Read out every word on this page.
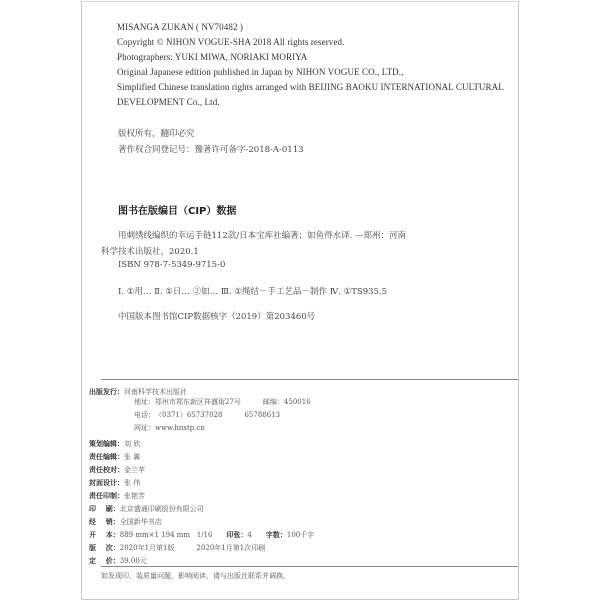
MISANGA ZUKAN ( NV70482 )
Copyright © NIHON VOGUE-SHA 2018 All rights reserved.
Photographers: YUKI MIWA, NORIAKI MORIYA
Original Japanese edition published in Japan by NIHON VOGUE CO., LTD.,
Simplified Chinese translation rights arranged with BEIJING BAOKU INTERNATIONAL CULTURAL
DEVELOPMENT Co., Ltd.
版权所有，翻印必究
著作权合同登记号：豫著许可备字-2018-A-0113
图书在版编目（CIP）数据
用刺绣线编织的幸运手链112款/日本宝库社编著；如鱼得水译. —郑州：河南
科学技术出版社，2020.1
ISBN 978-7-5349-9715-0
Ⅰ. ①用… Ⅱ. ①日… ②如… Ⅲ. ①绳结－手工艺品－制作 Ⅳ. ①TS935.5
中国版本图书馆CIP数据核字（2019）第203460号
出版发行：河南科学技术出版社
地址：郑州市郑东新区祥盛街27号	邮编：450016
电话：（0371）65737028	65788613
网址：www.hnstp.cn
策划编辑：刘 欣
责任编辑：张 翼
责任校对：金兰苹
封面设计：张 伟
责任印制：张艳芳
印    刷：北京盛通印刷股份有限公司
经    销：全国新华书店
开    本：889 mm×1 194 mm   1/16 印张：4 字数：100千字
版    次：2020年1月第1版	2020年1月第1次印刷
定    价：39.00元
如发现印、装质量问题，影响阅读，请与出版社联系并调换。
